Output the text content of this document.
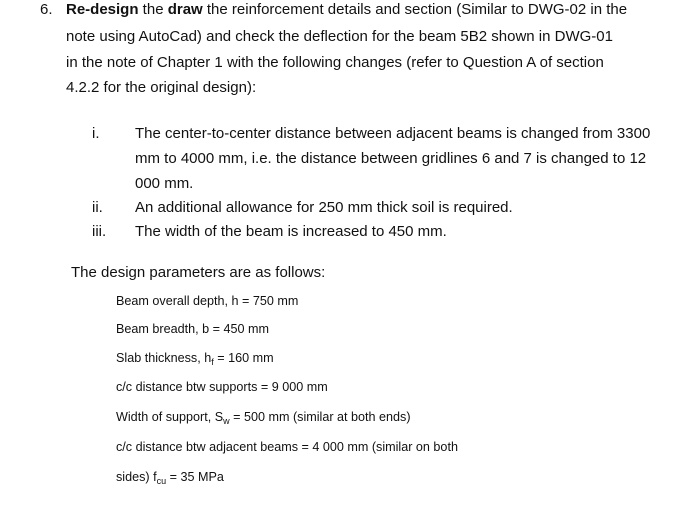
6. Re-design the draw the reinforcement details and section (Similar to DWG-02 in the
note using AutoCad) and check the deflection for the beam 5B2 shown in DWG-01
in the note of Chapter 1 with the following changes (refer to Question A of section
4.2.2 for the original design):
i. The center-to-center distance between adjacent beams is changed from 3300
mm to 4000 mm, i.e. the distance between gridlines 6 and 7 is changed to 12
000 mm.
ii. An additional allowance for 250 mm thick soil is required.
iii. The width of the beam is increased to 450 mm.
The design parameters are as follows:
Beam overall depth, h = 750 mm
Beam breadth, b = 450 mm
Slab thickness, $h_f = 160$ mm
c/c distance btw supports = 9 000 mm
Width of support, $S_w = 500$ mm (similar at both ends)
c/c distance btw adjacent beams = 4 000 mm (similar on both
sides) $f_{cu} = 35$ MPa
